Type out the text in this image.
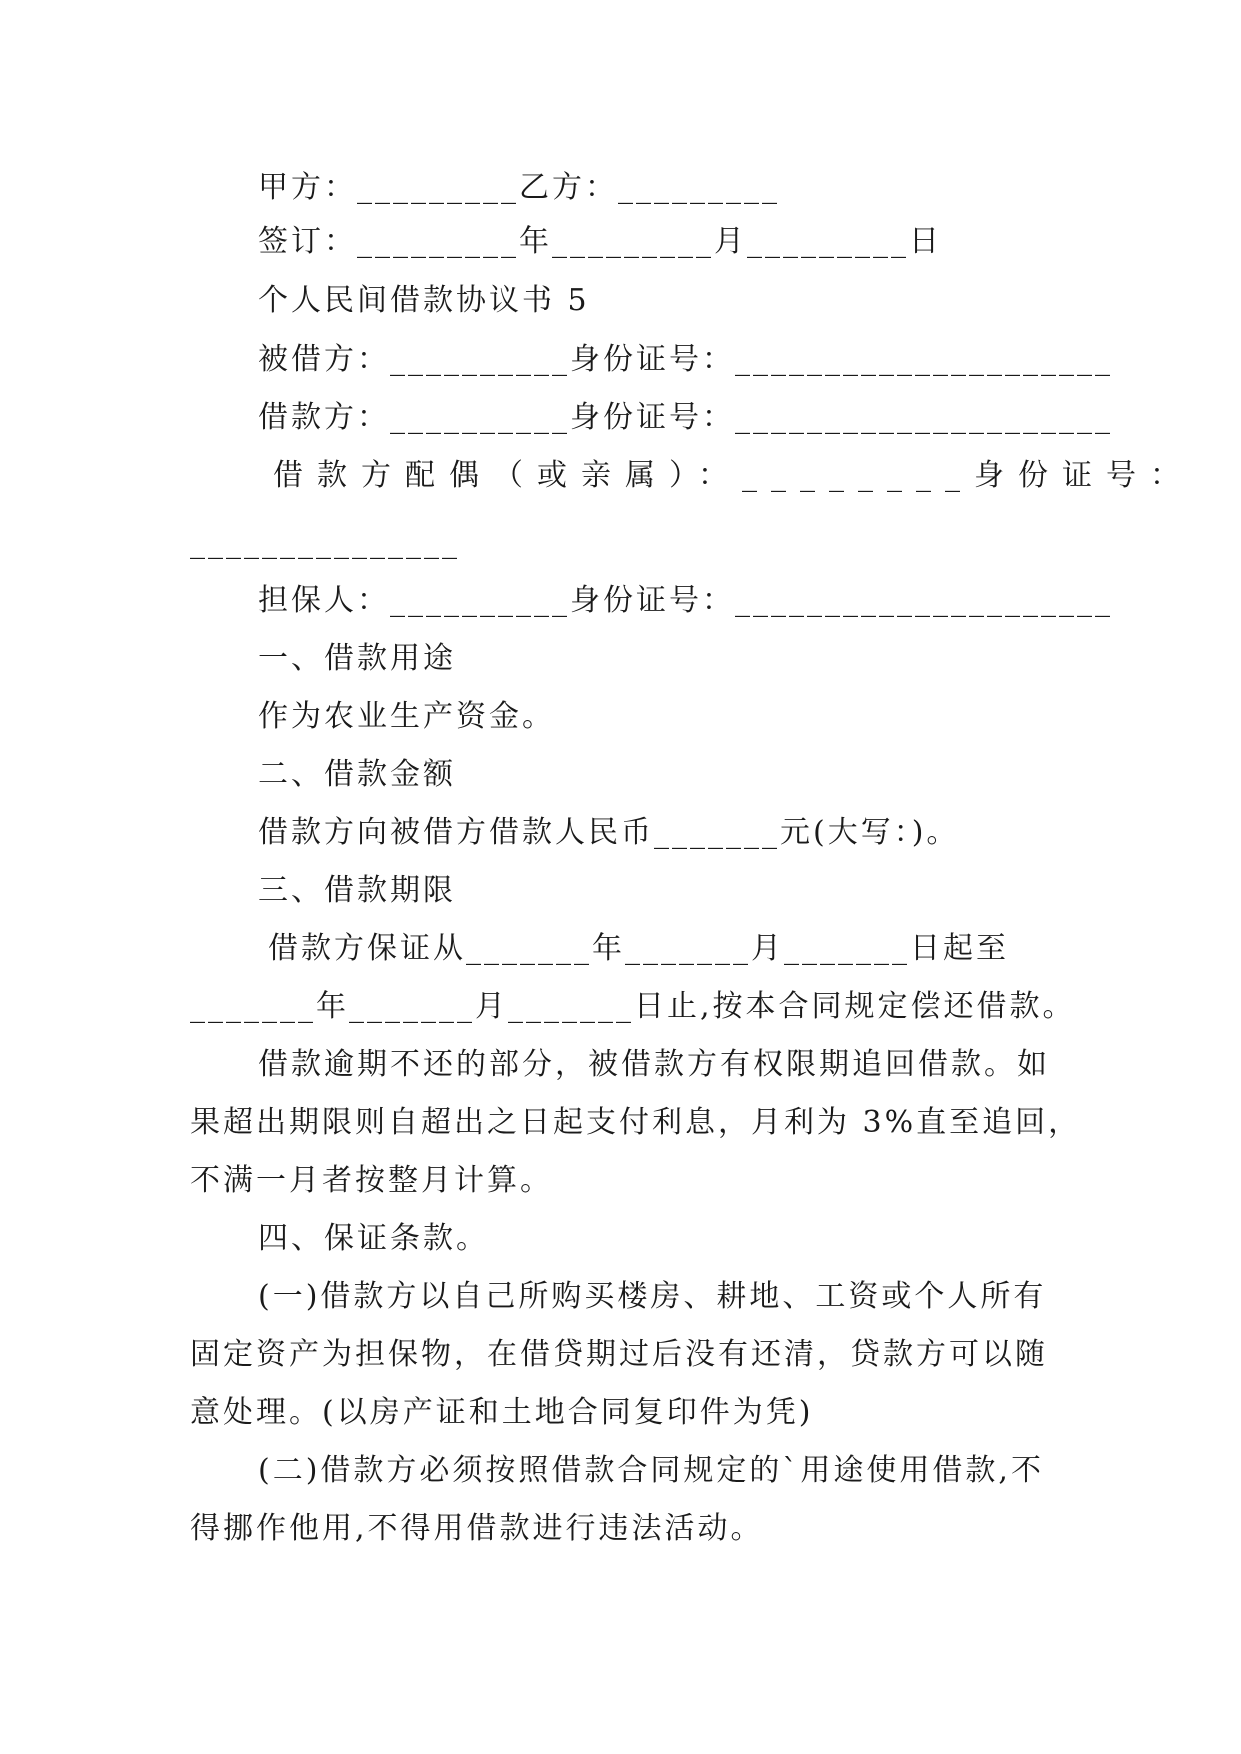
甲方：_________乙方：_________
签订：_________年_________月_________日
个人民间借款协议书 5
被借方：__________身份证号：_____________________
借款方：__________身份证号：_____________________
借款方配偶（或亲属）：________身份证号：
_______________
担保人：__________身份证号：_____________________
一、借款用途
作为农业生产资金。
二、借款金额
借款方向被借方借款人民币_______元(大写：)。
三、借款期限
借款方保证从_______年_______月_______日起至
_______年_______月_______日止,按本合同规定偿还借款。
借款逾期不还的部分，被借款方有权限期追回借款。如
果超出期限则自超出之日起支付利息，月利为 3%直至追回，
不满一月者按整月计算。
四、保证条款。
(一)借款方以自己所购买楼房、耕地、工资或个人所有
固定资产为担保物，在借贷期过后没有还清，贷款方可以随
意处理。(以房产证和土地合同复印件为凭)
(二)借款方必须按照借款合同规定的`用途使用借款,不
得挪作他用,不得用借款进行违法活动。
